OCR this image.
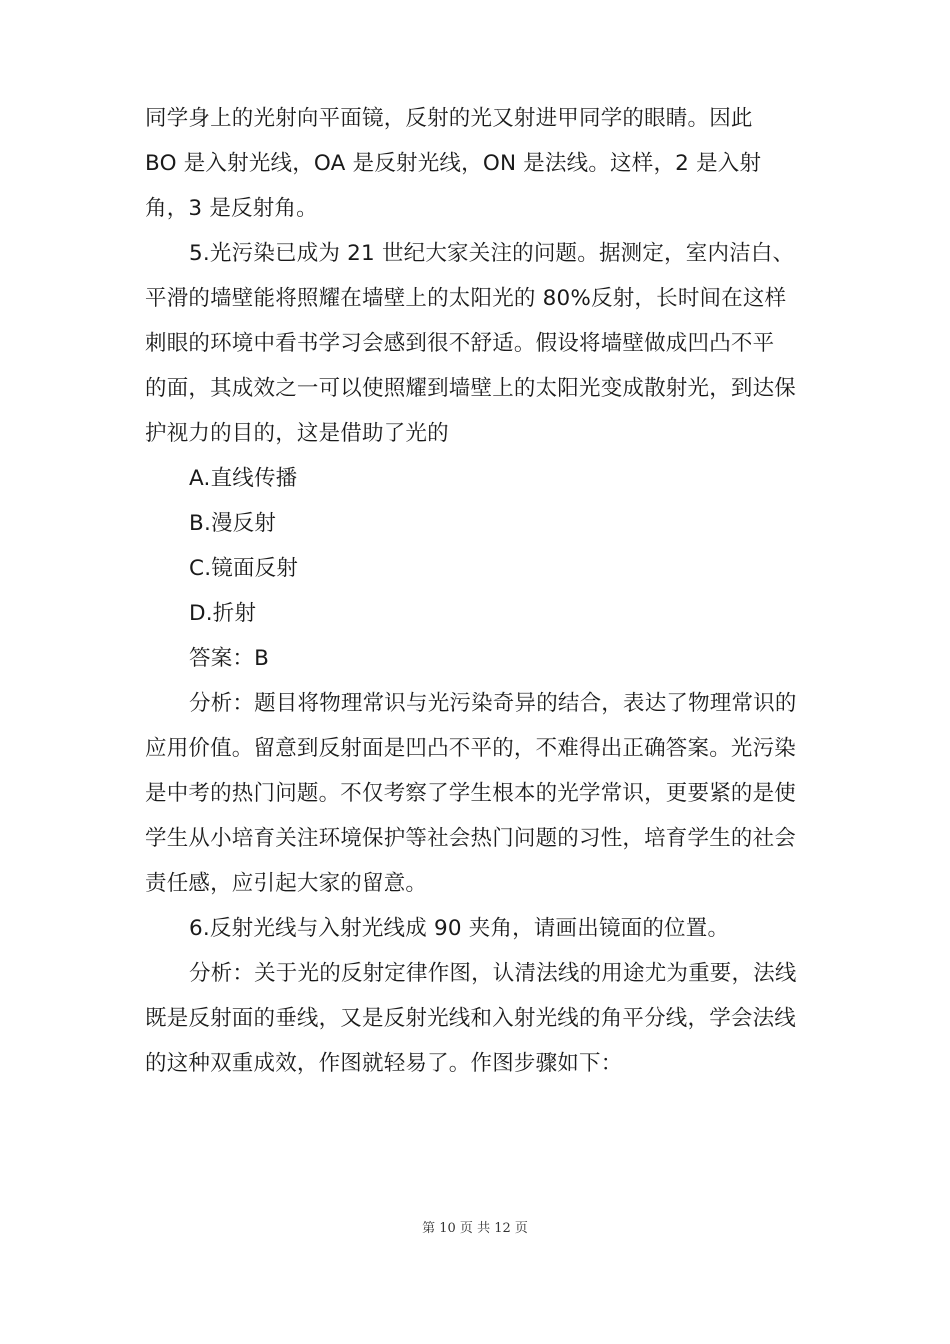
同学身上的光射向平面镜，反射的光又射进甲同学的眼睛。因此
BO 是入射光线，OA 是反射光线，ON 是法线。这样，2 是入射
角，3 是反射角。
5.光污染已成为 21 世纪大家关注的问题。据测定，室内洁白、
平滑的墙壁能将照耀在墙壁上的太阳光的 80%反射，长时间在这样
刺眼的环境中看书学习会感到很不舒适。假设将墙壁做成凹凸不平
的面，其成效之一可以使照耀到墙壁上的太阳光变成散射光，到达保
护视力的目的，这是借助了光的
A.直线传播
B.漫反射
C.镜面反射
D.折射
答案：B
分析：题目将物理常识与光污染奇异的结合，表达了物理常识的
应用价值。留意到反射面是凹凸不平的，不难得出正确答案。光污染
是中考的热门问题。不仅考察了学生根本的光学常识，更要紧的是使
学生从小培育关注环境保护等社会热门问题的习性，培育学生的社会
责任感，应引起大家的留意。
6.反射光线与入射光线成 90 夹角，请画出镜面的位置。
分析：关于光的反射定律作图，认清法线的用途尤为重要，法线
既是反射面的垂线，又是反射光线和入射光线的角平分线，学会法线
的这种双重成效，作图就轻易了。作图步骤如下：
第 10 页 共 12 页
